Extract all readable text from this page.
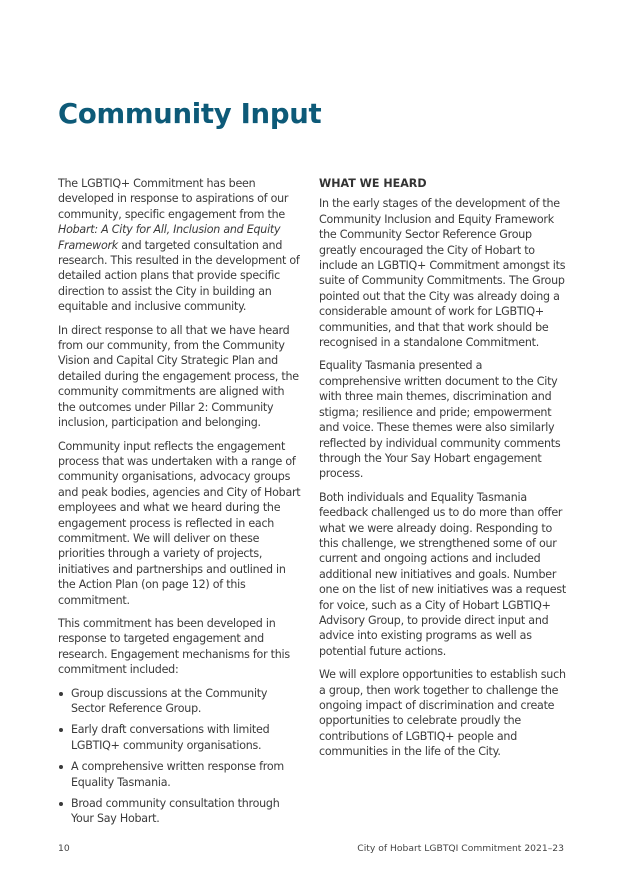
Community Input

The LGBTIQ+ Commitment has been developed in response to aspirations of our community, specific engagement from the Hobart: A City for All, Inclusion and Equity Framework and targeted consultation and research. This resulted in the development of detailed action plans that provide specific direction to assist the City in building an equitable and inclusive community.

In direct response to all that we have heard from our community, from the Community Vision and Capital City Strategic Plan and detailed during the engagement process, the community commitments are aligned with the outcomes under Pillar 2: Community inclusion, participation and belonging.

Community input reflects the engagement process that was undertaken with a range of community organisations, advocacy groups and peak bodies, agencies and City of Hobart employees and what we heard during the engagement process is reflected in each commitment. We will deliver on these priorities through a variety of projects, initiatives and partnerships and outlined in the Action Plan (on page 12) of this commitment.

This commitment has been developed in response to targeted engagement and research. Engagement mechanisms for this commitment included:

Group discussions at the Community Sector Reference Group.
Early draft conversations with limited LGBTIQ+ community organisations.
A comprehensive written response from Equality Tasmania.
Broad community consultation through Your Say Hobart.
WHAT WE HEARD

In the early stages of the development of the Community Inclusion and Equity Framework the Community Sector Reference Group greatly encouraged the City of Hobart to include an LGBTIQ+ Commitment amongst its suite of Community Commitments. The Group pointed out that the City was already doing a considerable amount of work for LGBTIQ+ communities, and that that work should be recognised in a standalone Commitment.

Equality Tasmania presented a comprehensive written document to the City with three main themes, discrimination and stigma; resilience and pride; empowerment and voice. These themes were also similarly reflected by individual community comments through the Your Say Hobart engagement process.

Both individuals and Equality Tasmania feedback challenged us to do more than offer what we were already doing. Responding to this challenge, we strengthened some of our current and ongoing actions and included additional new initiatives and goals. Number one on the list of new initiatives was a request for voice, such as a City of Hobart LGBTIQ+ Advisory Group, to provide direct input and advice into existing programs as well as potential future actions.

We will explore opportunities to establish such a group, then work together to challenge the ongoing impact of discrimination and create opportunities to celebrate proudly the contributions of LGBTIQ+ people and communities in the life of the City.

10	City of Hobart LGBTQI Commitment 2021–23
